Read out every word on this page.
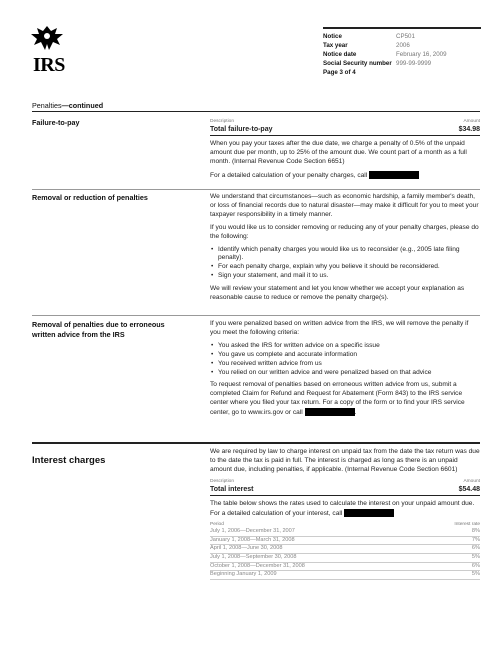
IRS
Notice	CP501
Tax year	2006
Notice date	February 16, 2009
Social Security number 999-99-9999
Page 3 of 4
Penalties—continued
Failure-to-pay	Description	Amount
Total failure-to-pay	$34.98

When you pay your taxes after the due date, we charge a penalty of 0.5% of the unpaid amount due per month, up to 25% of the amount due. We count part of a month as a full month. (Internal Revenue Code Section 6651)

For a detailed calculation of your penalty charges, call

Removal or reduction of penalties	We understand that circumstances—such as economic hardship, a family member's death, or loss of financial records due to natural disaster—may make it difficult for you to meet your taxpayer responsibility in a timely manner.

If you would like us to consider removing or reducing any of your penalty charges, please do the following:

• Identify which penalty charges you would like us to reconsider (e.g., 2005 late filing penalty).
• For each penalty charge, explain why you believe it should be reconsidered.
• Sign your statement, and mail it to us.

We will review your statement and let you know whether we accept your explanation as reasonable cause to reduce or remove the penalty charge(s).

Removal of penalties due to erroneous
written advice from the IRS

If you were penalized based on written advice from the IRS, we will remove the penalty if you meet the following criteria:

• You asked the IRS for written advice on a specific issue
• You gave us complete and accurate information
• You received written advice from us
• You relied on our written advice and were penalized based on that advice

To request removal of penalties based on erroneous written advice from us, submit a completed Claim for Refund and Request for Abatement (Form 843) to the IRS service center where you filed your tax return. For a copy of the form or to find your IRS service center, go to www.irs.gov or call	.

Interest charges

We are required by law to charge interest on unpaid tax from the date the tax return was due to the date the tax is paid in full. The interest is charged as long as there is an unpaid amount due, including penalties, if applicable. (Internal Revenue Code Section 6601)

Description	Amount
Total interest	$54.48

The table below shows the rates used to calculate the interest on your unpaid amount due. For a detailed calculation of your interest, call

Period	Interest rate
July 1, 2006—December 31, 2007	8%
January 1, 2008—March 31, 2008	7%
April 1, 2008—June 30, 2008	6%
July 1, 2008—September 30, 2008	5%
October 1, 2008—December 31, 2008	6%
Beginning January 1, 2009	5%
